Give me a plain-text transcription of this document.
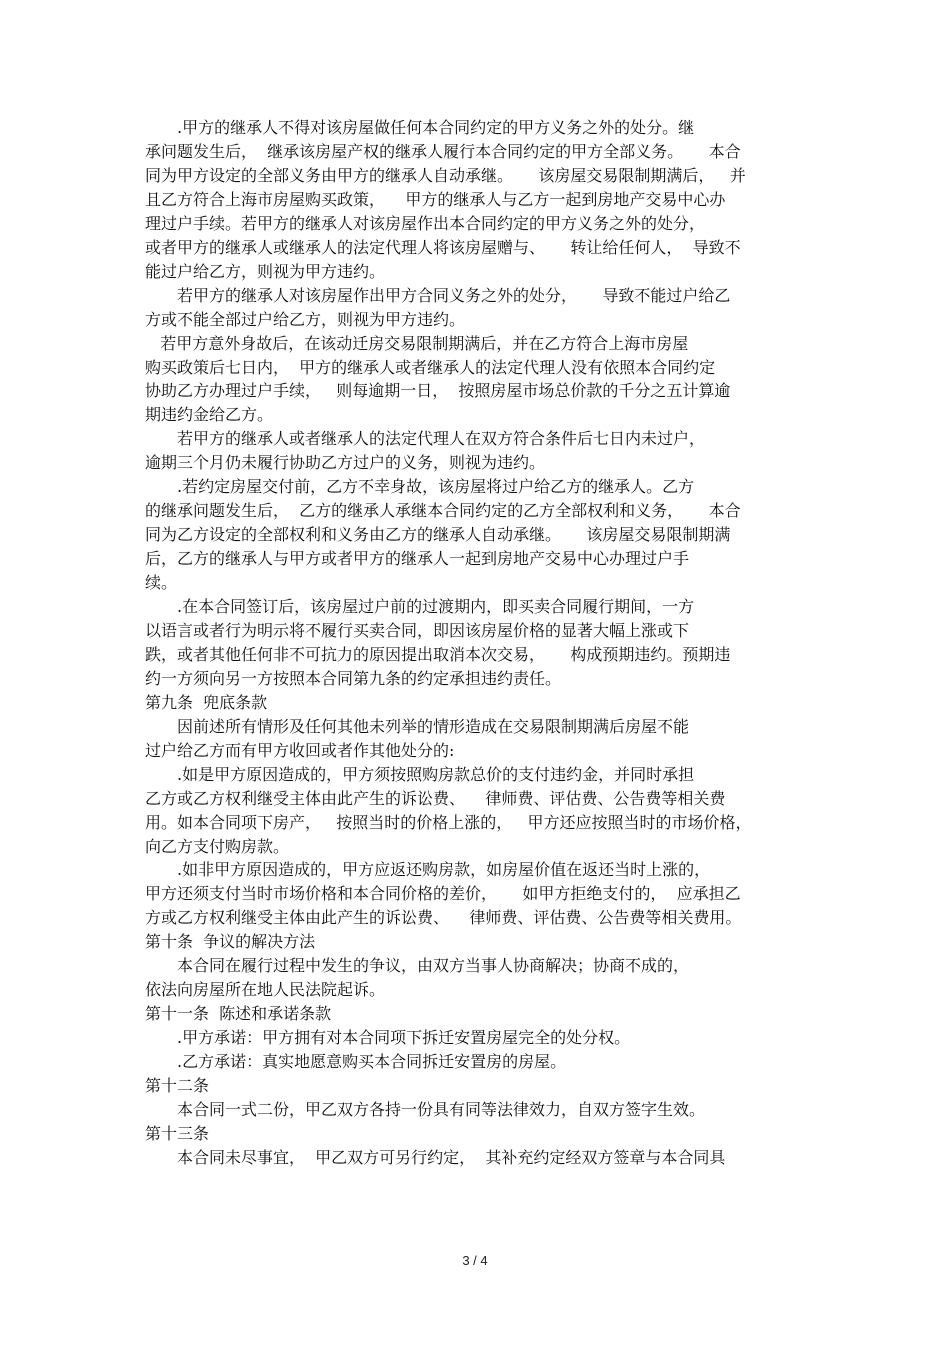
　　.甲方的继承人不得对该房屋做任何本合同约定的甲方义务之外的处分。继
承问题发生后，  继承该房屋产权的继承人履行本合同约定的甲方全部义务。     本合
同为甲方设定的全部义务由甲方的继承人自动承继。     该房屋交易限制期满后，   并
且乙方符合上海市房屋购买政策，    甲方的继承人与乙方一起到房地产交易中心办
理过户手续。若甲方的继承人对该房屋作出本合同约定的甲方义务之外的处分，
或者甲方的继承人或继承人的法定代理人将该房屋赠与、     转让给任何人，  导致不
能过户给乙方，则视为甲方违约。
　　若甲方的继承人对该房屋作出甲方合同义务之外的处分，     导致不能过户给乙
方或不能全部过户给乙方，则视为甲方违约。
若甲方意外身故后，在该动迁房交易限制期满后，并在乙方符合上海市房屋
购买政策后七日内，  甲方的继承人或者继承人的法定代理人没有依照本合同约定
协助乙方办理过户手续，   则每逾期一日，  按照房屋市场总价款的千分之五计算逾
期违约金给乙方。
　　若甲方的继承人或者继承人的法定代理人在双方符合条件后七日内未过户，
逾期三个月仍未履行协助乙方过户的义务，则视为违约。
　　.若约定房屋交付前，乙方不幸身故，该房屋将过户给乙方的继承人。乙方
的继承问题发生后，  乙方的继承人承继本合同约定的乙方全部权利和义务，     本合
同为乙方设定的全部权利和义务由乙方的继承人自动承继。     该房屋交易限制期满
后，乙方的继承人与甲方或者甲方的继承人一起到房地产交易中心办理过户手
续。
　　.在本合同签订后，该房屋过户前的过渡期内，即买卖合同履行期间，一方
以语言或者行为明示将不履行买卖合同，即因该房屋价格的显著大幅上涨或下
跌，或者其他任何非不可抗力的原因提出取消本次交易，     构成预期违约。预期违
约一方须向另一方按照本合同第九条的约定承担违约责任。
第九条  兜底条款
　　因前述所有情形及任何其他未列举的情形造成在交易限制期满后房屋不能
过户给乙方而有甲方收回或者作其他处分的:
　　.如是甲方原因造成的，甲方须按照购房款总价的支付违约金，并同时承担
乙方或乙方权利继受主体由此产生的诉讼费、    律师费、评估费、公告费等相关费
用。如本合同项下房产，   按照当时的价格上涨的，   甲方还应按照当时的市场价格，
向乙方支付购房款。
　　.如非甲方原因造成的，甲方应返还购房款，如房屋价值在返还当时上涨的，
甲方还须支付当时市场价格和本合同价格的差价，     如甲方拒绝支付的，  应承担乙
方或乙方权利继受主体由此产生的诉讼费、    律师费、评估费、公告费等相关费用。
第十条  争议的解决方法
　　本合同在履行过程中发生的争议，由双方当事人协商解决；协商不成的，
依法向房屋所在地人民法院起诉。
第十一条  陈述和承诺条款
　　.甲方承诺：甲方拥有对本合同项下拆迁安置房屋完全的处分权。
　　.乙方承诺：真实地愿意购买本合同拆迁安置房的房屋。
第十二条
　　本合同一式二份，甲乙双方各持一份具有同等法律效力，自双方签字生效。
第十三条
　　本合同未尽事宜，  甲乙双方可另行约定，  其补充约定经双方签章与本合同具
3 / 4
